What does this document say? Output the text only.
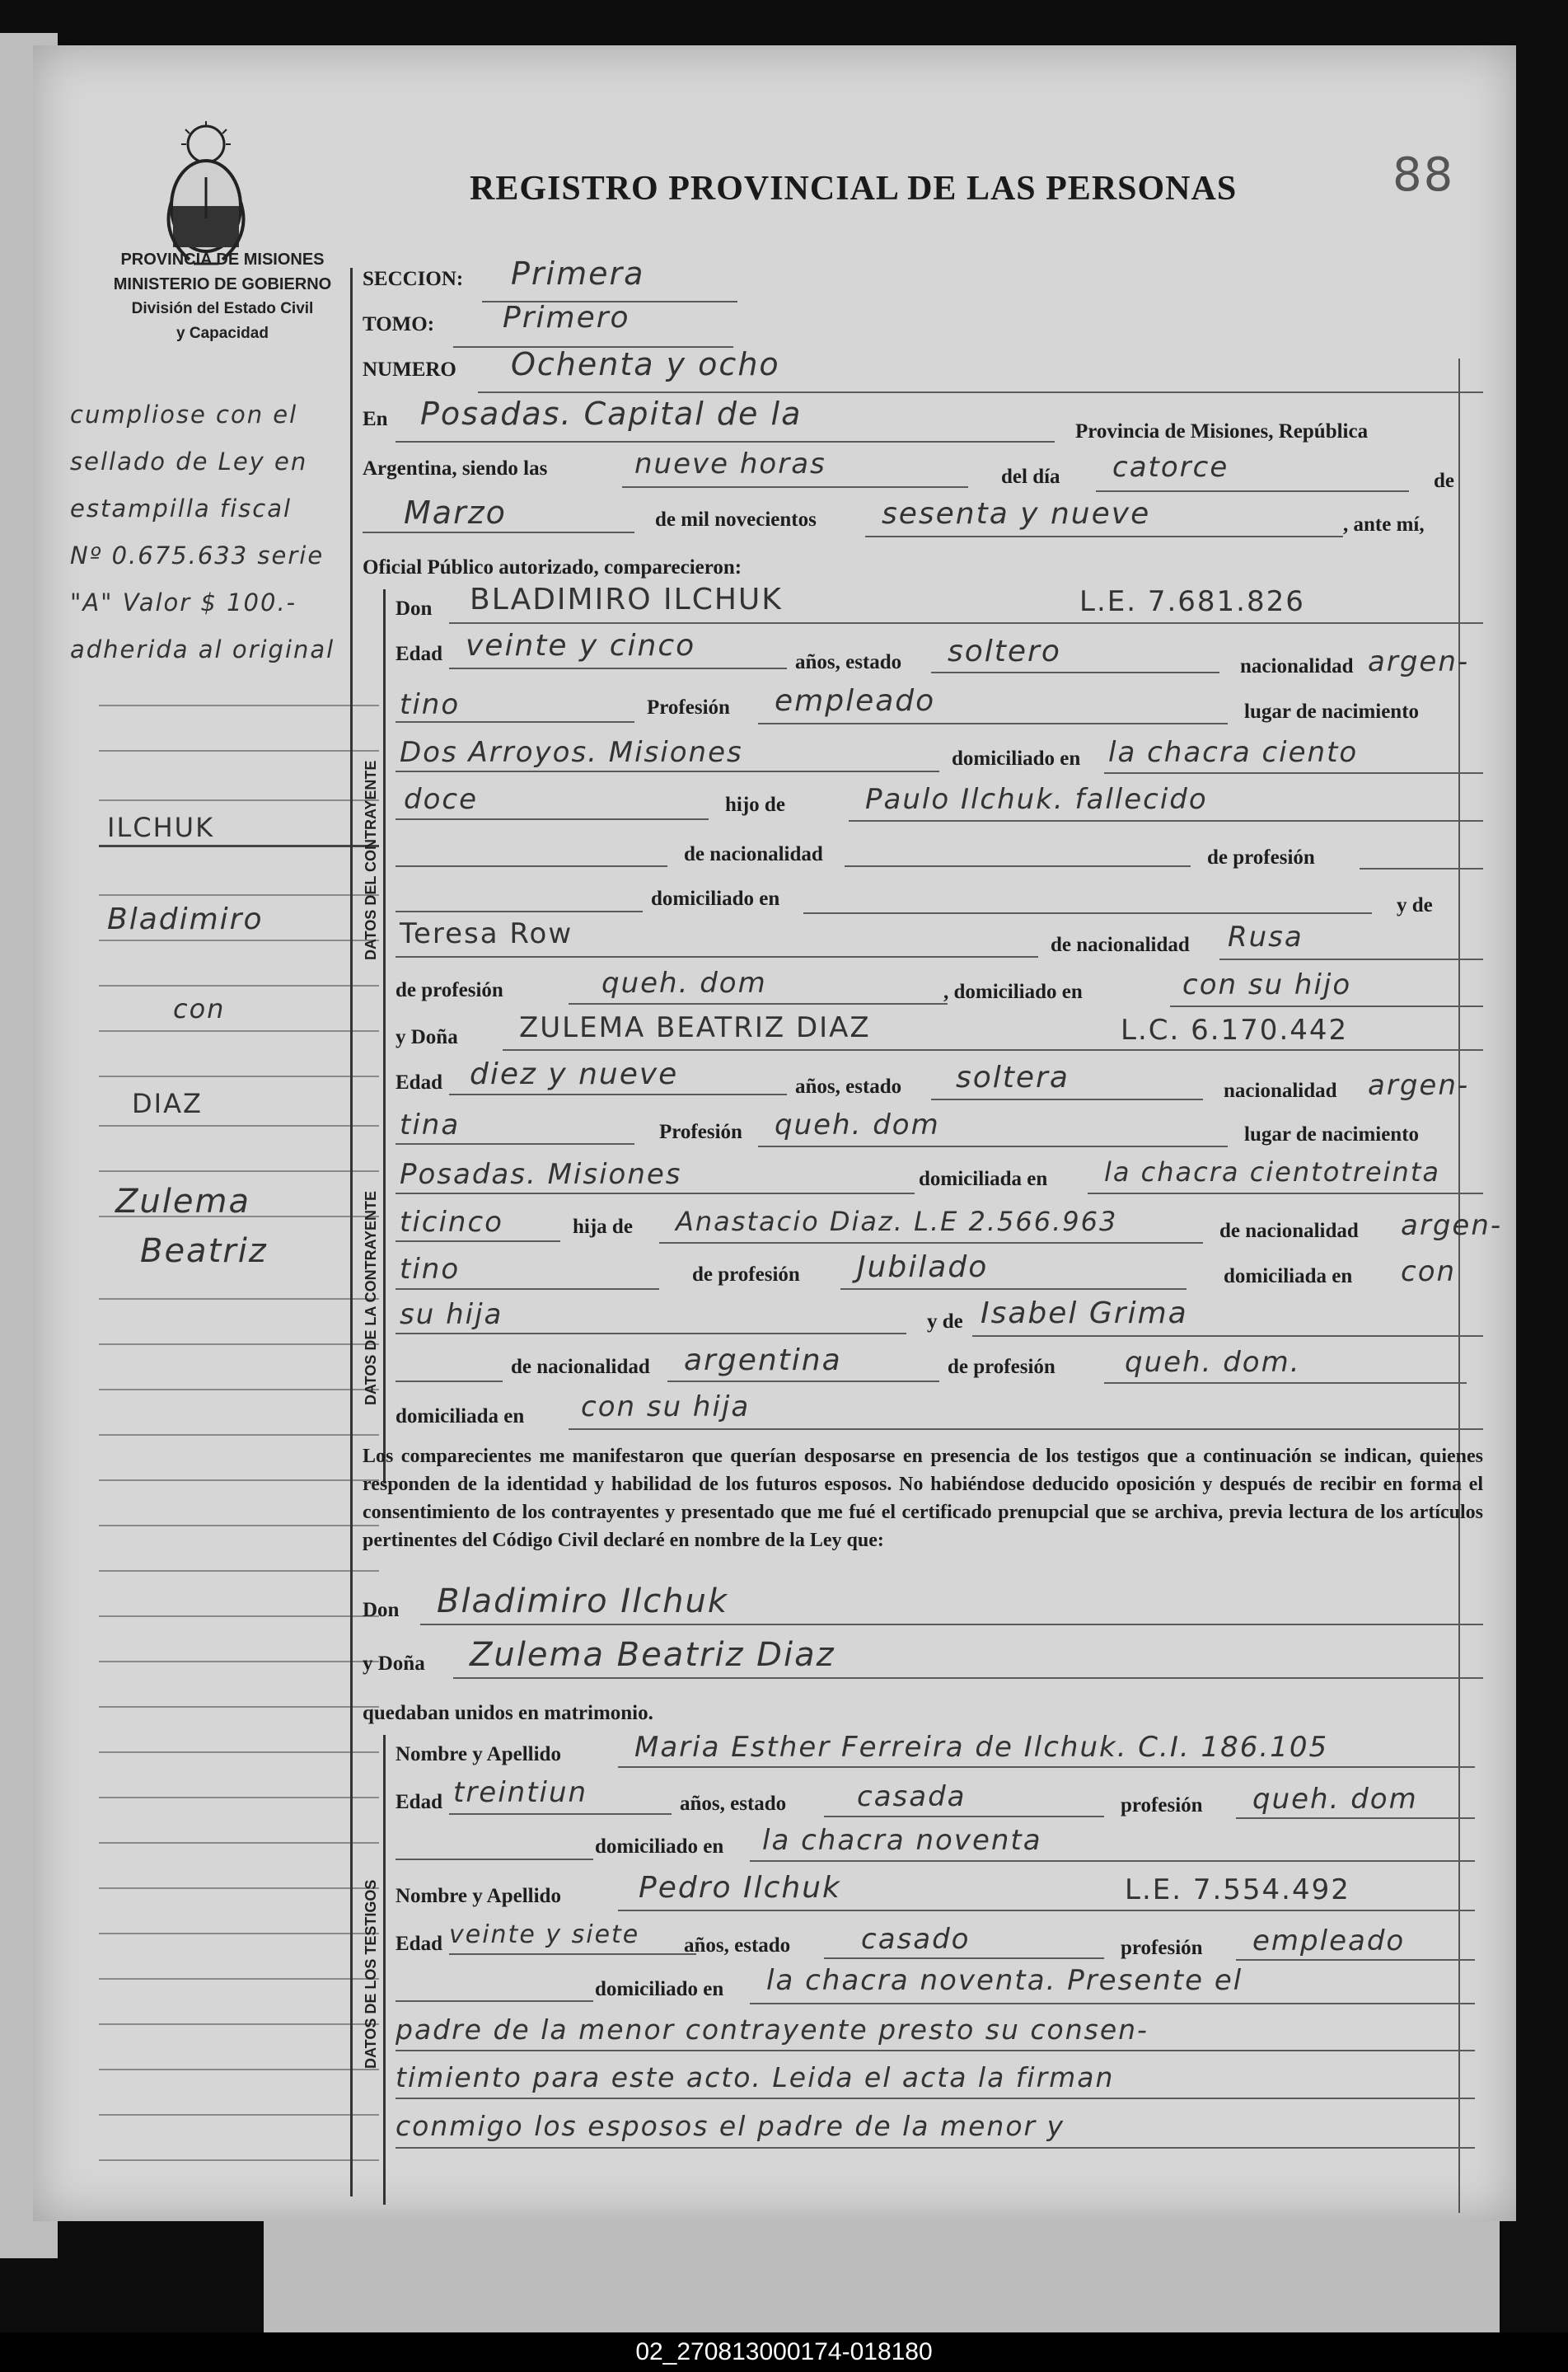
PROVINCIA DE MISIONES
MINISTERIO DE GOBIERNO
División del Estado Civil
y Capacidad
REGISTRO PROVINCIAL DE LAS PERSONAS	88
cumpliose con el
sellado de Ley en
estampilla fiscal
Nº 0.675.633 serie
"A" Valor $ 100.-
adherida al original
ILCHUK
Bladimiro
con
DIAZ
Zulema
Beatriz
SECCION: Primera
TOMO: Primero
NUMERO Ochenta y ocho
En Posadas. Capital de la	Provincia de Misiones, República
Argentina, siendo las	nueve horas	del día catorce	de
Marzo	de mil novecientos sesenta y nueve	, ante mí,
Oficial Público autorizado, comparecieron:
DATOS DEL CONTRAYENTE
Don BLADIMIRO ILCHUK	L.E. 7.681.826
Edad veinte y cinco	años, estado soltero	nacionalidad argen-
tino	Profesión empleado	lugar de nacimiento
Dos Arroyos. Misiones	domiciliado en la chacra ciento
doce	hijo de	Paulo Ilchuk. fallecido
de nacionalidad	de profesión
domiciliado en	y de
Teresa Row	de nacionalidad Rusa
de profesión	queh. dom	, domiciliado en	con su hijo
DATOS DE LA CONTRAYENTE
y Doña ZULEMA BEATRIZ DIAZ	L.C. 6.170.442
Edad diez y nueve	años, estado soltera	nacionalidad argen-
tina	Profesión queh. dom	lugar de nacimiento
Posadas. Misiones	domiciliada en la chacra cientotreinta
ticinco	hija de Anastacio Diaz. L.E 2.566.963	de nacionalidad argen-
tino	de profesión Jubilado	domiciliada en con
su hija	y de Isabel Grima
de nacionalidad argentina	de profesión queh. dom.
domiciliada en con su hija
Los comparecientes me manifestaron que querían desposarse en presencia de los testigos que a continuación se indican, quienes responden de la identidad y habilidad de los futuros esposos. No habiéndose deducido oposición y después de recibir en forma el consentimiento de los contrayentes y presentado que me fué el certificado prenupcial que se archiva, previa lectura de los artículos pertinentes del Código Civil declaré en nombre de la Ley que:
Don Bladimiro Ilchuk
y Doña Zulema Beatriz Diaz
quedaban unidos en matrimonio.
DATOS DE LOS TESTIGOS
Nombre y Apellido	Maria Esther Ferreira de Ilchuk. C.I. 186.105
Edad treintiun	años, estado	casada	profesión queh. dom
domiciliado en la chacra noventa
Nombre y Apellido	Pedro Ilchuk	L.E. 7.554.492
Edad veinte y siete años, estado	casado	profesión empleado
domiciliado en la chacra noventa. Presente el
padre de la menor contrayente presto su consen-
timiento para este acto. Leida el acta la firman
conmigo los esposos el padre de la menor y
02_270813000174-018180
